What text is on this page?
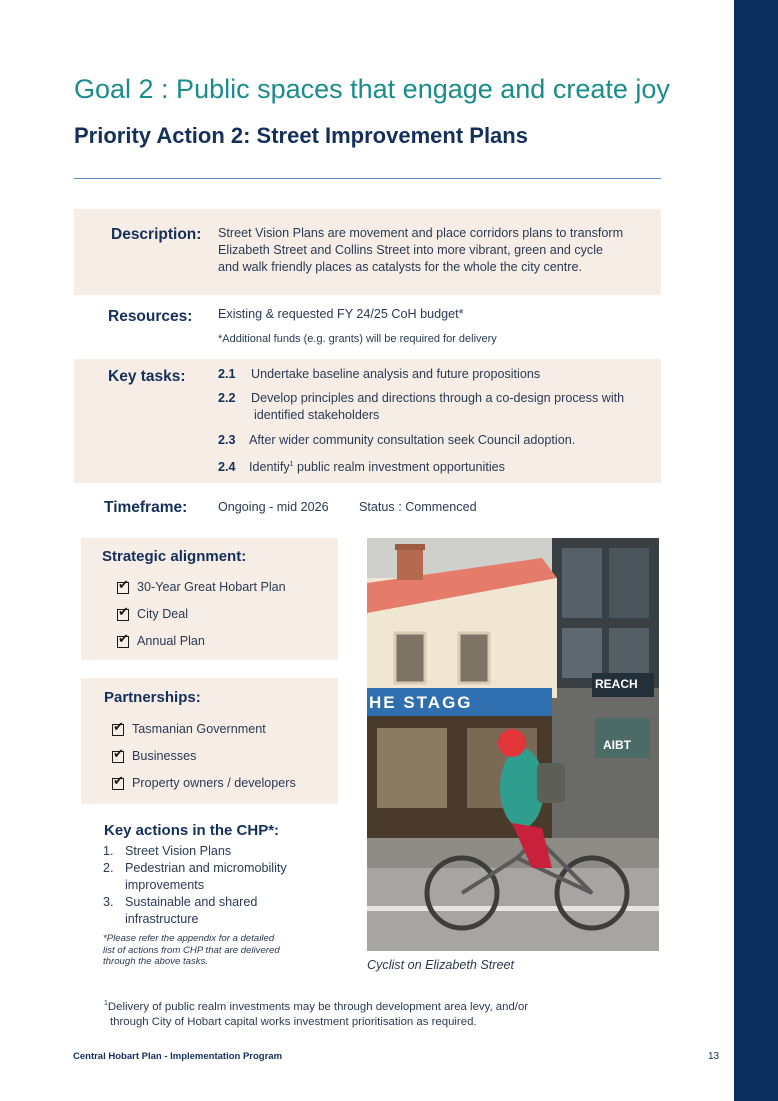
Goal 2 : Public spaces that engage and create joy
Priority Action 2: Street Improvement Plans
Description: Street Vision Plans are movement and place corridors plans to transform
Elizabeth Street and Collins Street into more vibrant, green and cycle
and walk friendly places as catalysts for the whole the city centre.
Resources: Existing & requested FY 24/25 CoH budget*
*Additional funds (e.g. grants) will be required for delivery
Key tasks:	2.1 Undertake baseline analysis and future propositions
2.2 Develop principles and directions through a co-design process with
identified stakeholders
2.3 After wider community consultation seek Council adoption.
2.4 Identify$^1$ public realm investment opportunities
Timeframe: Ongoing - mid 2026 Status : Commenced
Strategic alignment:
✔30-Year Great Hobart Plan
✔City Deal
✔Annual Plan
Partnerships:
✔Tasmanian Government
✔Businesses
✔Property owners / developers
Key actions in the CHP*:
1. Street Vision Plans
2. Pedestrian and micromobility
improvements
3. Sustainable and shared
infrastructure
*Please refer the appendix for a detailed
list of actions from CHP that are delivered
through the above tasks.
HE STAGG
REACH
AIBT
Cyclist on Elizabeth Street
$^1$Delivery of public realm investments may be through development area levy, and/or
through City of Hobart capital works investment prioritisation as required.
Central Hobart Plan - Implementation Program	13
